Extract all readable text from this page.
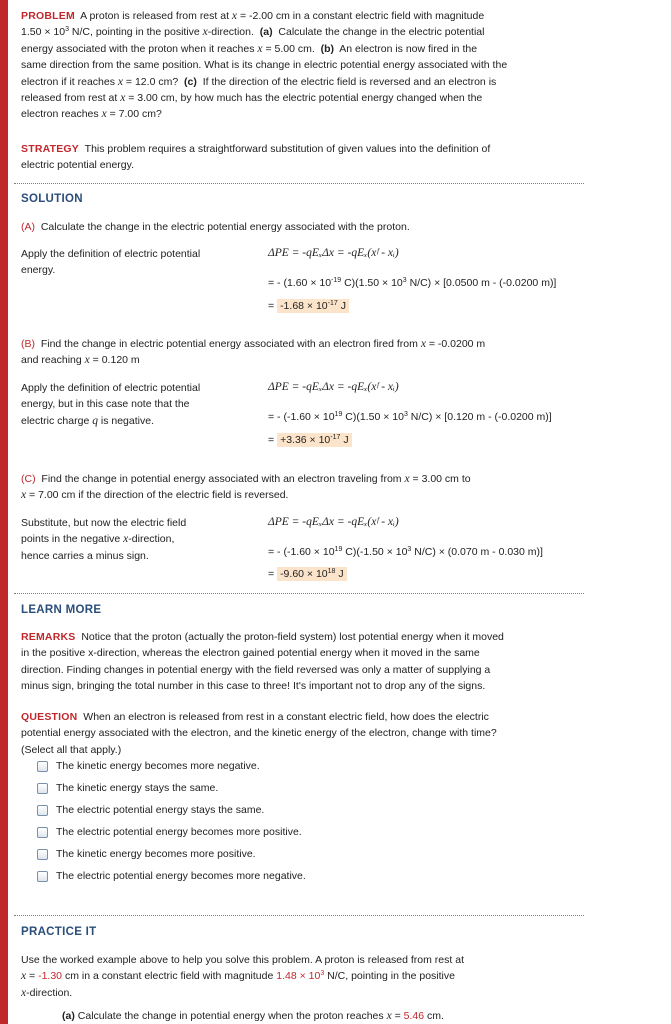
PROBLEM A proton is released from rest at x = -2.00 cm in a constant electric field with magnitude
$1.50 \times 10^3$ N/C, pointing in the positive x-direction. (a) Calculate the change in the electric potential
energy associated with the proton when it reaches x = 5.00 cm. (b) An electron is now fired in the
same direction from the same position. What is its change in electric potential energy associated with the
electron if it reaches x = 12.0 cm? (c) If the direction of the electric field is reversed and an electron is
released from rest at x = 3.00 cm, by how much has the electric potential energy changed when the
electron reaches x = 7.00 cm?
STRATEGY This problem requires a straightforward substitution of given values into the definition of
electric potential energy.
SOLUTION
(A) Calculate the change in the electric potential energy associated with the proton.
Apply the definition of electric potential
energy.
ΔPE = -qEₓΔx = -qEₓ(xᶠ - xᵢ)
= - ($1.60 \times 10^{-19}$ $C)(1.50 \times 10^3$ N/C) × [0.0500 m - (-0.0200 m)]
= $-1.68 \times 10^{-17}$ J
(B) Find the change in electric potential energy associated with an electron fired from x = -0.0200 m
and reaching x = 0.120 m
Apply the definition of electric potential
energy, but in this case note that the
electric charge q is negative.
ΔPE = -qEₓΔx = -qEₓ(xᶠ - xᵢ)
= - ($-1.60 \times 10^{19}$ $C)(1.50 \times 10^3$ N/C) × [0.120 m - (-0.0200 m)]
= $+3.36 \times 10^{-17}$ J
(C) Find the change in potential energy associated with an electron traveling from x = 3.00 cm to
x = 7.00 cm if the direction of the electric field is reversed.
Substitute, but now the electric field
points in the negative x-direction,
hence carries a minus sign.
ΔPE = -qEₓΔx = -qEₓ(xᶠ - xᵢ)
= - ($-1.60 \times 10^{19}$ $C)(-1.50 \times 10^3$ N/C) × (0.070 m - 0.030 m)]
= $-9.60 \times 10^{18}$ J
LEARN MORE
REMARKS Notice that the proton (actually the proton-field system) lost potential energy when it moved
in the positive x-direction, whereas the electron gained potential energy when it moved in the same
direction. Finding changes in potential energy with the field reversed was only a matter of supplying a
minus sign, bringing the total number in this case to three! It's important not to drop any of the signs.
QUESTION When an electron is released from rest in a constant electric field, how does the electric
potential energy associated with the electron, and the kinetic energy of the electron, change with time?
(Select all that apply.)
The kinetic energy becomes more negative.
The kinetic energy stays the same.
The electric potential energy stays the same.
The electric potential energy becomes more positive.
The kinetic energy becomes more positive.
The electric potential energy becomes more negative.
PRACTICE IT
Use the worked example above to help you solve this problem. A proton is released from rest at
x = -1.30 cm in a constant electric field with magnitude $1.48 \times 10^3$ N/C, pointing in the positive
x-direction.
(a) Calculate the change in potential energy when the proton reaches x = 5.46 cm.
